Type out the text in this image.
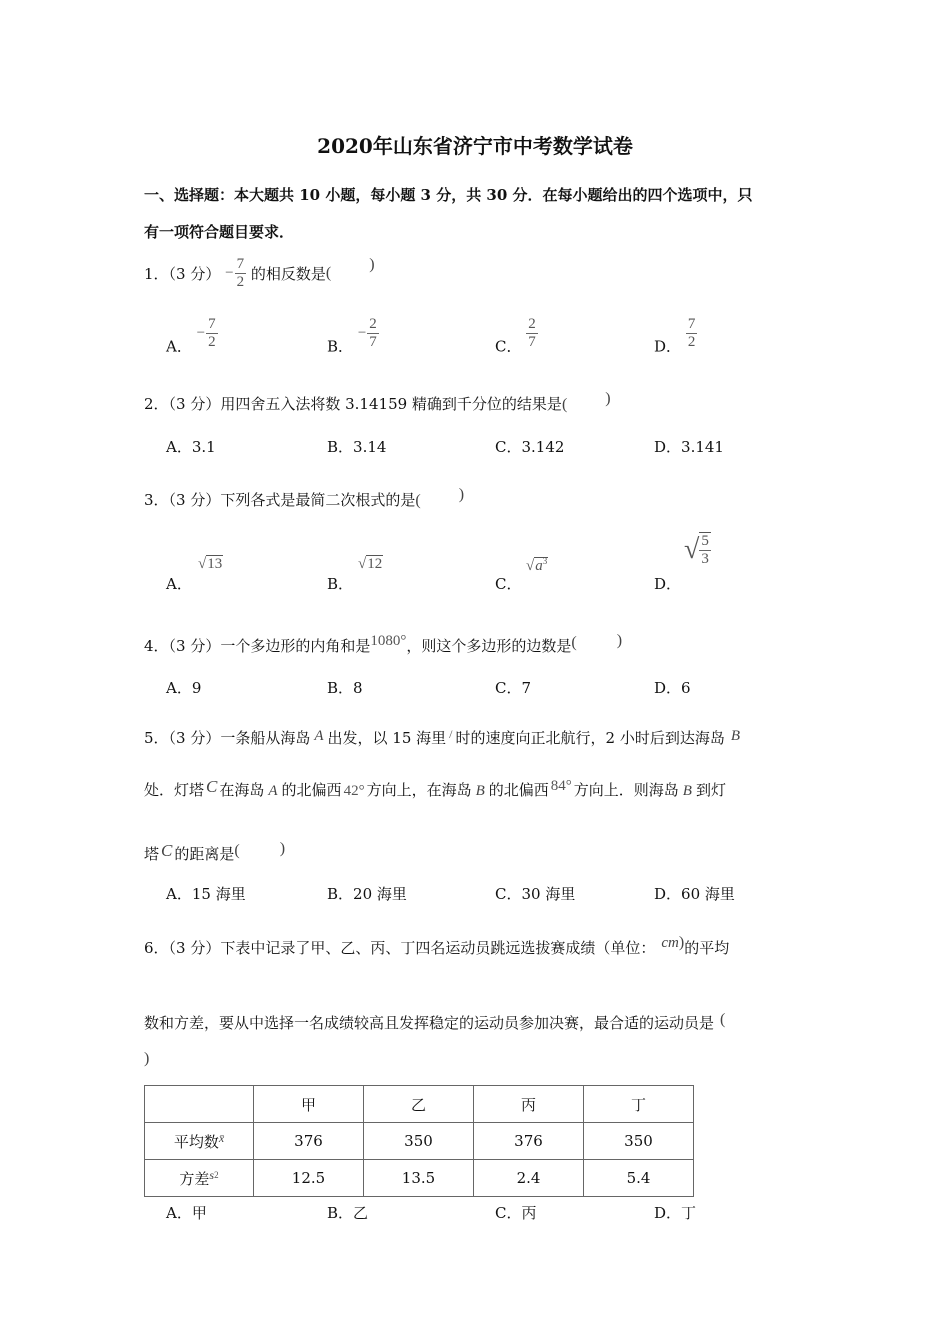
2020年山东省济宁市中考数学试卷
一、选择题：本大题共 10 小题，每小题 3 分，共 30 分．在每小题给出的四个选项中，只
有一项符合题目要求．
1．（3 分） − $\frac{7}{2}$ 的相反数是( )
A． − $\frac{7}{2}$	B． − $\frac{2}{7}$	C． $\frac{2}{7}$	D． $\frac{7}{2}$
2．（3 分）用四舍五入法将数 3.14159 精确到千分位的结果是( )
A．3.1	B．3.14	C．3.142	D．3.141
3．（3 分）下列各式是最简二次根式的是( )
A．
√13
B．
√12
C．
$√a^3$
D．
√ $\frac{5}{3}$
4．（3 分）一个多边形的内角和是1080°，则这个多边形的边数是(	)
A．9	B．8	C．7	D．6
5．（3 分）一条船从海岛 A 出发，以 15 海里 / 时的速度向正北航行，2 小时后到达海岛 B
处．灯塔 C 在海岛 A 的北偏西 42° 方向上，在海岛 B 的北偏西 84° 方向上．则海岛 B 到灯
塔 C 的距离是(	)
A．15 海里	B．20 海里	C．30 海里	D．60 海里
6．（3 分）下表中记录了甲、乙、丙、丁四名运动员跳远选拔赛成绩（单位： cm)的平均
数和方差，要从中选择一名成绩较高且发挥稳定的运动员参加决赛，最合适的运动员是 (
)
	甲	乙	丙	丁
平均数$^{x̄}$	376	350	376	350
方差$^{s2}$	12.5	13.5	2.4	5.4
A．甲	B．乙	C．丙	D．丁
